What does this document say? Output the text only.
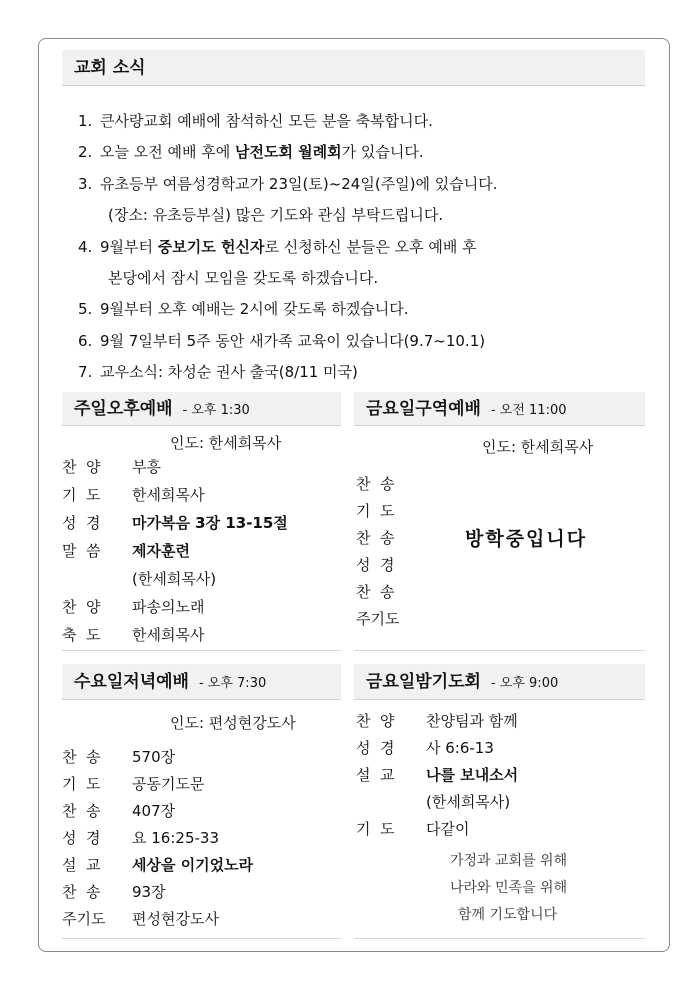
교회 소식
1. 큰사랑교회 예배에 참석하신 모든 분을 축복합니다.
2. 오늘 오전 예배 후에 남전도회 월례회가 있습니다.
3. 유초등부 여름성경학교가 23일(토)~24일(주일)에 있습니다.
(장소: 유초등부실) 많은 기도와 관심 부탁드립니다.
4. 9월부터 중보기도 헌신자로 신청하신 분들은 오후 예배 후
본당에서 잠시 모임을 갖도록 하겠습니다.
5. 9월부터 오후 예배는 2시에 갖도록 하겠습니다.
6. 9월 7일부터 5주 동안 새가족 교육이 있습니다(9.7~10.1)
7. 교우소식: 차성순 권사 출국(8/11 미국)
주일오후예배 - 오후 1:30	금요일구역예배 - 오전 11:00
수요일저녁예배 - 오후 7:30	금요일밤기도회 - 오후 9:00
인도: 한세희목사	인도: 한세희목사
인도: 편성현강도사
찬  양 부흥
기  도 한세희목사
성  경 마가복음 3장 13-15절
말  씀 제자훈련
(한세희목사)
찬  양 파송의노래
축  도 한세희목사
찬  송
기  도
찬  송
성  경
찬  송
주기도
방학중입니다
찬  송 570장
기  도 공동기도문
찬  송 407장
성  경 요 16:25-33
설  교 세상을 이기었노라
찬  송 93장
주기도 편성현강도사
찬  양 찬양팀과 함께
성  경 사 6:6-13
설  교 나를 보내소서
(한세희목사)
기  도 다같이
가정과 교회를 위해
나라와 민족을 위해
함께 기도합니다
